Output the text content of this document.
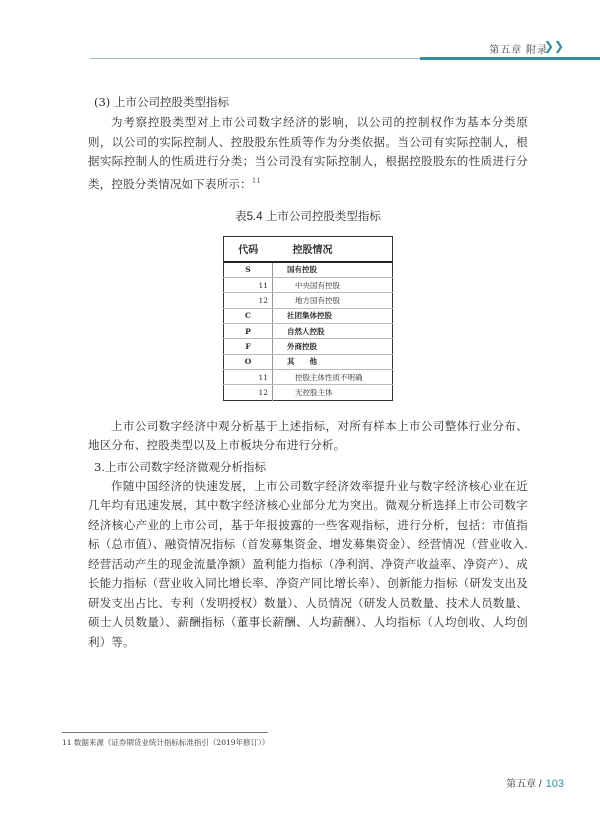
第五章 附录
❯❯

(3) 上市公司控股类型指标

为考察控股类型对上市公司数字经济的影响，以公司的控制权作为基本分类原则，以公司的实际控制人、控股股东性质等作为分类依据。当公司有实际控制人，根据实际控制人的性质进行分类；当公司没有实际控制人，根据控股股东的性质进行分类，控股分类情况如下表所示：$^{11}$

表5.4 上市公司控股类型指标
代码	控股情况
S	国有控股
11	中央国有控股
12	地方国有控股
C	社团集体控股
P	自然人控股
F	外商控股
O	其　　他
11	控股主体性质不明确
12	无控股主体

上市公司数字经济中观分析基于上述指标，对所有样本上市公司整体行业分布、地区分布、控股类型以及上市板块分布进行分析。

3.上市公司数字经济微观分析指标

作随中国经济的快速发展，上市公司数字经济效率提升业与数字经济核心业在近几年均有迅速发展，其中数字经济核心业部分尤为突出。微观分析选择上市公司数字经济核心产业的上市公司，基于年报披露的一些客观指标，进行分析，包括：市值指标（总市值）、融资情况指标（首发募集资金、增发募集资金）、经营情况（营业收入.经营活动产生的现金流量净额）盈利能力指标（净利润、净资产收益率、净资产）、成长能力指标（营业收入同比增长率、净资产同比增长率）、创新能力指标（研发支出及研发支出占比、专利（发明授权）数量）、人员情况（研发人员数量、技术人员数量、硕士人员数量）、薪酬指标（董事长薪酬、人均薪酬）、人均指标（人均创收、人均创利）等。

11 数据来源《证券期货业统计指标标准指引（2019年修订）》
第五章 / 103
